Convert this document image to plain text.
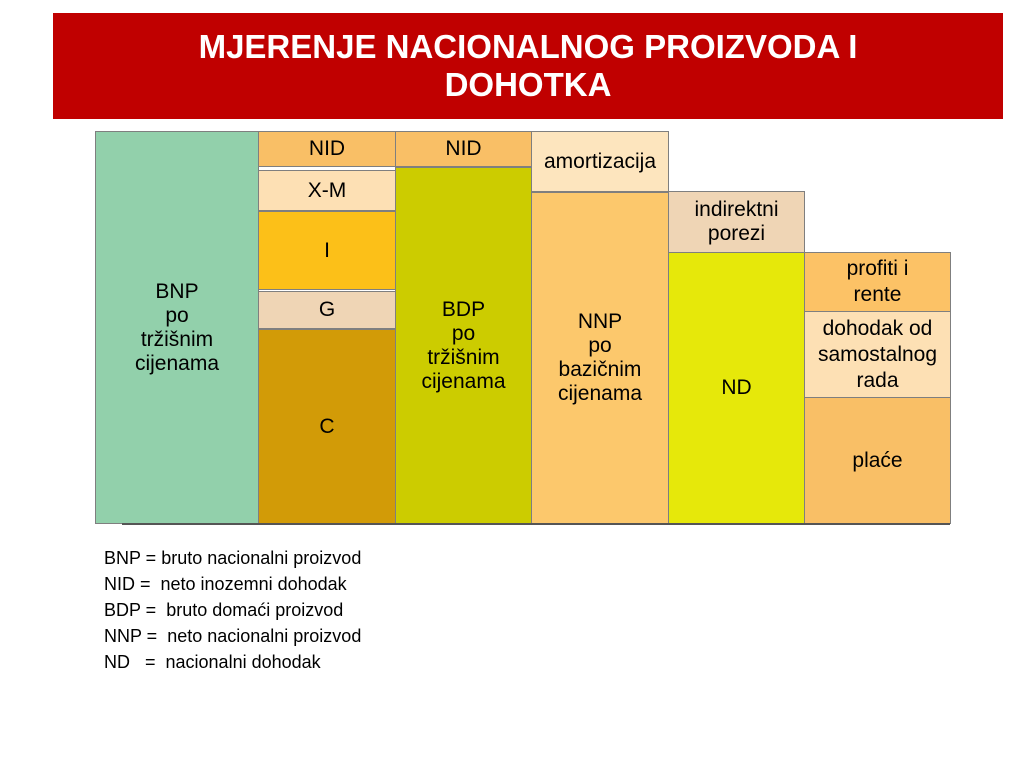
MJERENJE NACIONALNOG PROIZVODA I DOHOTKA
BNP
po
tržišnim
cijenama
NID
X-M
I
G
C
NID
BDP
po
tržišnim
cijenama
amortizacija
NNP
po
bazičnim
cijenama
indirektni
porezi
ND
profiti i
rente
dohodak od
samostalnog
rada
plaće
BNP = bruto nacionalni proizvod
NID =  neto inozemni dohodak
BDP =  bruto domaći proizvod
NNP =  neto nacionalni proizvod
ND   =  nacionalni dohodak
